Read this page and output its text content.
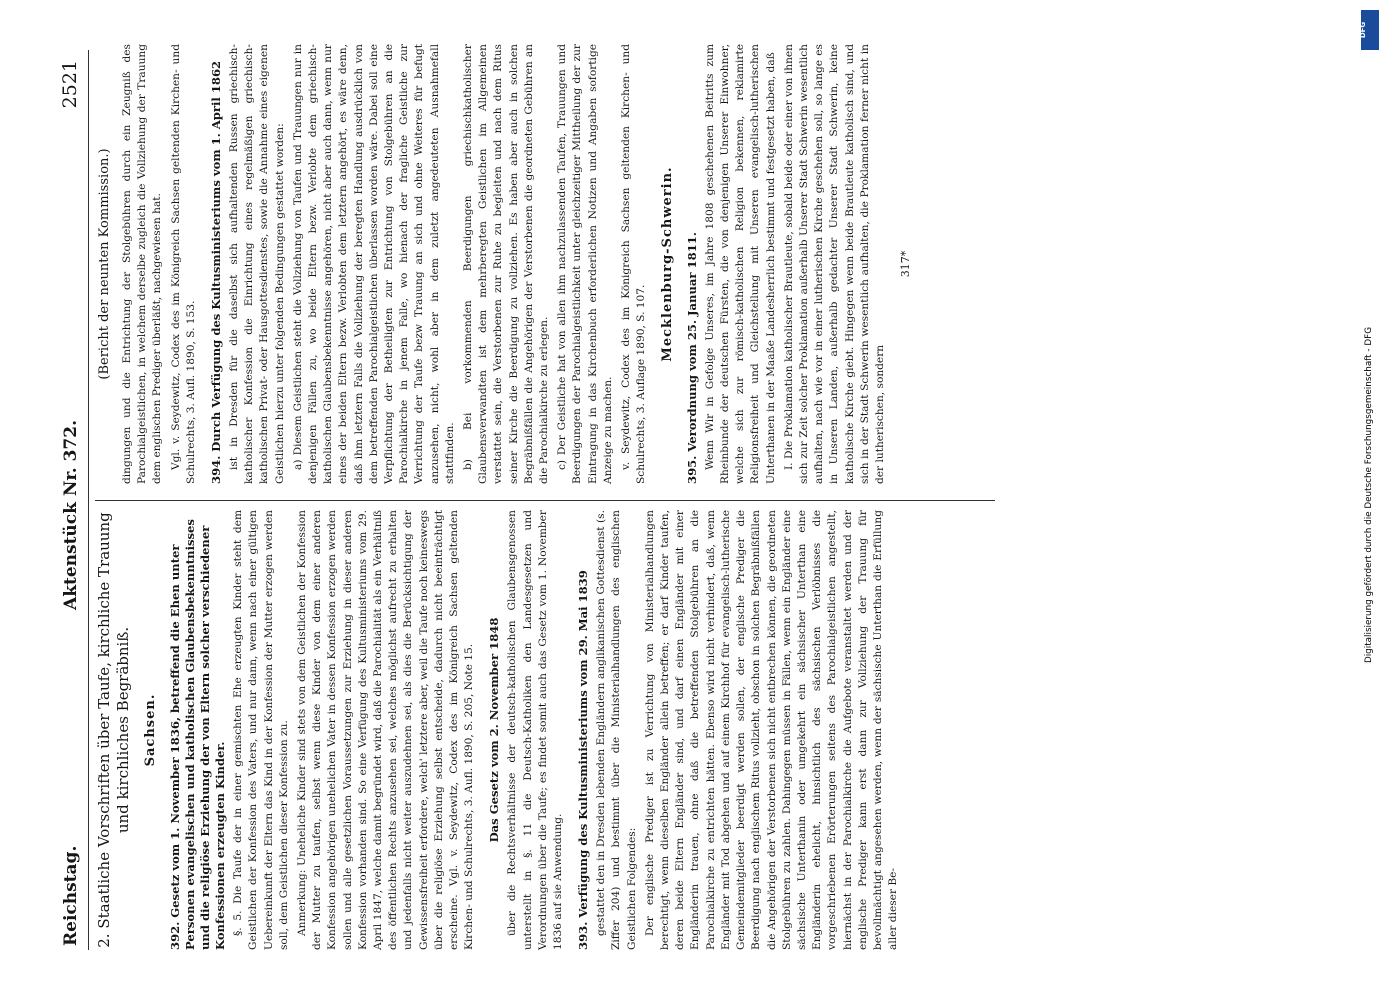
Reichstag.
Aktenstück Nr. 372.
2521
2. Staatliche Vorschriften über Taufe, kirchliche Trauung und kirchliches Begräbniß. Sachsen. 392. Gesetz vom 1. November 1836, betreffend die Ehen unter Personen evangelischen und katholischen Glaubensbekenntnisses und die religiöse Erziehung der von Eltern solcher verschiedener Konfessionen erzeugten Kinder. §. 5. Die Taufe der in einer gemischten Ehe erzeugten Kinder steht dem Geistlichen der Konfession des Vaters, und nur dann, wenn nach einer gültigen Uebereinkunft der Eltern das Kind in der Konfession der Mutter erzogen werden soll, dem Geistlichen dieser Konfession zu. Anmerkung: Uneheliche Kinder sind stets von dem Geistlichen der Konfession der Mutter zu taufen, selbst wenn diese Kinder von dem einer anderen Konfession angehörigen unehelichen Vater in dessen Konfession erzogen werden sollen und alle gesetzlichen Voraussetzungen zur Erziehung in dieser anderen Konfession vorhanden sind. So eine Verfügung des Kultusministeriums vom 29. April 1847, welche damit begründet wird, daß die Parochialität als ein Verhältniß des öffentlichen Rechts anzusehen sei, welches möglichst aufrecht zu erhalten und jedenfalls nicht weiter auszudehnen sei, als dies die Berücksichtigung der Gewissensfreiheit erfordere, welch' letztere aber, weil die Taufe noch keineswegs über die religiöse Erziehung selbst entscheide, dadurch nicht beeinträchtigt erscheine. Vgl. v. Seydewitz, Codex des im Königreich Sachsen geltenden Kirchen- und Schulrechts, 3. Aufl. 1890, S. 205, Note 15. Das Gesetz vom 2. November 1848 über die Rechtsverhältnisse der deutsch-katholischen Glaubensgenossen unterstellt in §. 11 die Deutsch-Katholiken den Landesgesetzen und Verordnungen über die Taufe; es findet somit auch das Gesetz vom 1. November 1836 auf sie Anwendung. 393. Verfügung des Kultusministeriums vom 29. Mai 1839 gestattet den in Dresden lebenden Engländern anglikanischen Gottesdienst (s. Ziffer 204) und bestimmt über die Ministerialhandlungen des englischen Geistlichen Folgendes: Der englische Prediger ist zu Verrichtung von Ministerialhandlungen berechtigt, wenn dieselben Engländer allein betreffen; er darf Kinder taufen, deren beide Eltern Engländer sind, und darf einen Engländer mit einer Engländerin trauen, ohne daß die betreffenden Stolgebühren an die Parochialkirche zu entrichten hätten. Ebenso wird nicht verhindert, daß, wenn Engländer mit Tod abgehen und auf einem Kirchhof für evangelisch-lutherische Gemeindemitglieder beerdigt werden sollen, der englische Prediger die Beerdigung nach englischem Ritus vollzieht, obschon in solchen Begräbnißfällen die Angehörigen der Verstorbenen sich nicht entbrechen können, die geordneten Stolgebühren zu zahlen. Dahingegen müssen in Fällen, wenn ein Engländer eine sächsische Unterthanin oder umgekehrt ein sächsischer Unterthan eine Engländerin ehelicht, hinsichtlich des sächsischen Verlöbnisses die vorgeschriebenen Erörterungen seitens des Parochialgeistlichen angestellt, hiernächst in der Parochialkirche die Aufgebote veranstaltet werden und der englische Prediger kann erst dann zur Vollziehung der Trauung für bevollmächtigt angesehen werden, wenn der sächsische Unterthan die Erfüllung aller dieser Be-
(Bericht der neunten Kommission.) dingungen und die Entrichtung der Stolgebühren durch ein Zeugniß des Parochialgeistlichen, in welchem derselbe zugleich die Vollziehung der Trauung dem englischen Prediger überläßt, nachgewiesen hat. Vgl. v. Seydewitz, Codex des im Königreich Sachsen geltenden Kirchen- und Schulrechts, 3. Aufl. 1890, S. 153. 394. Durch Verfügung des Kultusministeriums vom 1. April 1862 ist in Dresden für die daselbst sich aufhaltenden Russen griechisch-katholischer Konfession die Einrichtung eines regelmäßigen griechisch-katholischen Privat- oder Hausgottesdienstes, sowie die Annahme eines eigenen Geistlichen hierzu unter folgenden Bedingungen gestattet worden: a) Diesem Geistlichen steht die Vollziehung von Taufen und Trauungen nur in denjenigen Fällen zu, wo beide Eltern bezw. Verlobte dem griechisch-katholischen Glaubensbekenntnisse angehören, nicht aber auch dann, wenn nur eines der beiden Eltern bezw. Verlobten dem letztern angehört, es wäre denn, daß ihm letztern Falls die Vollziehung der beregten Handlung ausdrücklich von dem betreffenden Parochialgeistlichen überlassen worden wäre. Dabei soll eine Verpflichtung der Betheiligten zur Entrichtung von Stolgebühren an die Parochialkirche in jenem Falle, wo hienach der fragliche Geistliche zur Verrichtung der Taufe bezw Trauung an sich und ohne Weiteres für befugt anzusehen, nicht, wohl aber in dem zuletzt angedeuteten Ausnahmefall stattfinden. b) Bei vorkommenden Beerdigungen griechischkatholischer Glaubensverwandten ist dem mehrberegten Geistlichen im Allgemeinen verstattet sein, die Verstorbenen zur Ruhe zu begleiten und nach dem Ritus seiner Kirche die Beerdigung zu vollziehen. Es haben aber auch in solchen Begräbnißfällen die Angehörigen der Verstorbenen die geordneten Gebühren an die Parochialkirche zu erlegen. c) Der Geistliche hat von allen ihm nachzulassenden Taufen, Trauungen und Beerdigungen der Parochialgeistlichkeit unter gleichzeitiger Mittheilung der zur Eintragung in das Kirchenbuch erforderlichen Notizen und Angaben sofortige Anzeige zu machen. v. Seydewitz, Codex des im Königreich Sachsen geltenden Kirchen- und Schulrechts, 3. Auflage 1890, S. 107.
Mecklenburg-Schwerin. 395. Verordnung vom 25. Januar 1811. Wenn Wir in Gefolge Unseres, im Jahre 1808 geschehenen Beitritts zum Rheinbunde der deutschen Fürsten, die von denjenigen Unserer Einwohner, welche sich zur römisch-katholischen Religion bekennen, reklamirte Religionsfreiheit und Gleichstellung mit Unseren evangelisch-lutherischen Unterthanen in der Maaße Landesherrlich bestimmt und festgesetzt haben, daß I. Die Proklamation katholischer Brautleute, sobald beide oder einer von ihnen sich zur Zeit solcher Proklamation außerhalb Unserer Stadt Schwerin wesentlich aufhalten, nach wie vor in einer lutherischen Kirche geschehen soll, so lange es in Unseren Landen, außerhalb gedachter Unserer Stadt Schwerin, keine katholische Kirche giebt. Hingegen wenn beide Brautleute katholisch sind, und sich in der Stadt Schwerin wesentlich aufhalten, die Proklamation ferner nicht in der lutherischen, sondern
317*
Digitalisierung gefördert durch die Deutsche Forschungsgemeinschaft - DFG
DFG
